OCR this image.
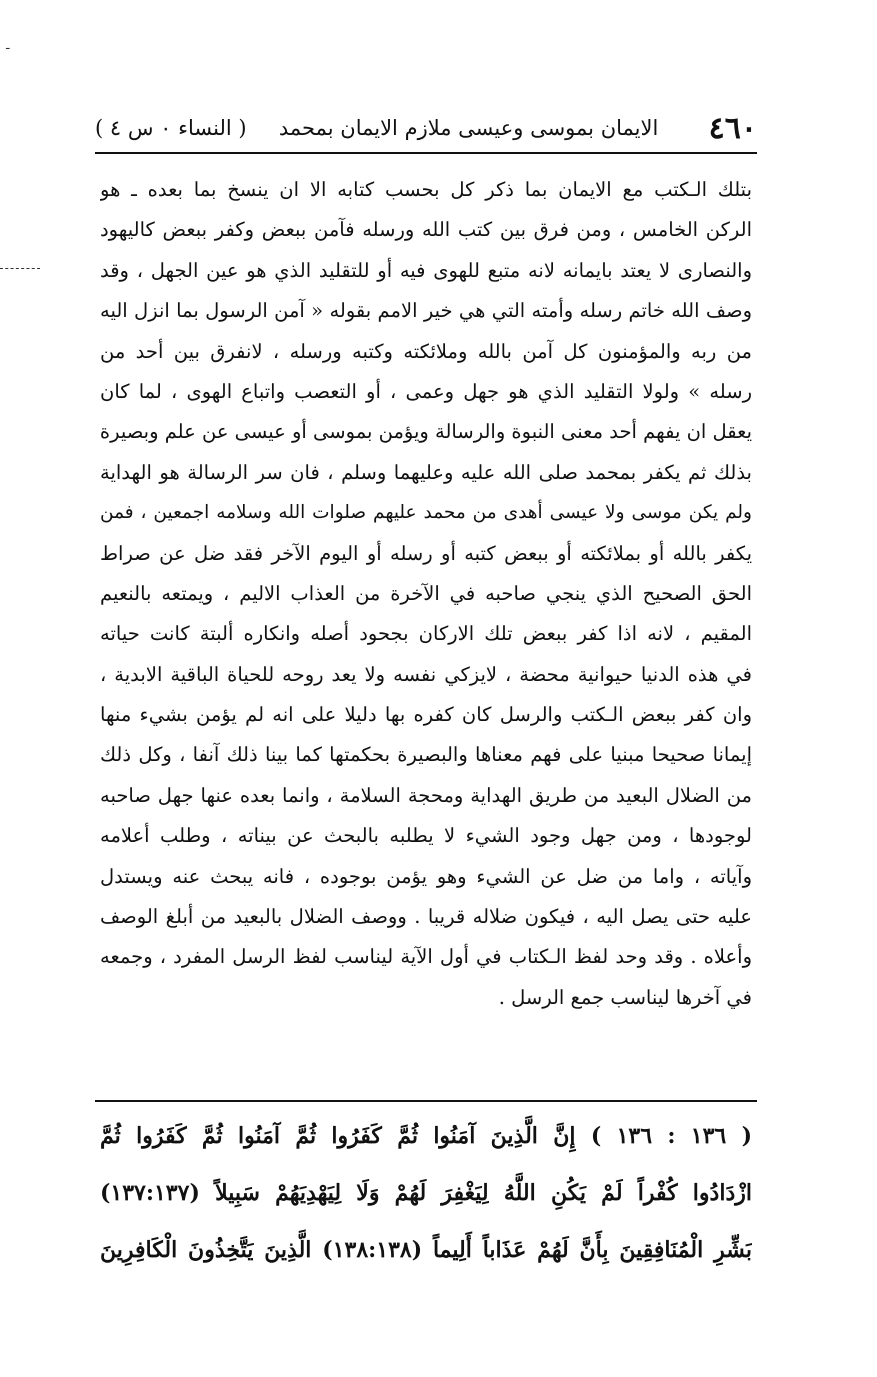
ـ
٤٦٠
الايمان بموسى وعيسى ملازم الايمان بمحمد
( النساء ۰ س ٤ )
بتلك الـكتب مع الايمان بما ذكر كل بحسب كتابه الا ان ينسخ بما بعده ـ هو
الركن الخامس ، ومن فرق بين كتب الله ورسله فآمن ببعض وكفر ببعض كاليهود
والنصارى لا يعتد بايمانه لانه متبع للهوى فيه أو للتقليد الذي هو عين الجهل ، وقد
وصف الله خاتم رسله وأمته التي هي خير الامم بقوله « آمن الرسول بما انزل اليه
من ربه والمؤمنون كل آمن بالله وملائكته وكتبه ورسله ، لانفرق بين أحد من
رسله » ولولا التقليد الذي هو جهل وعمى ، أو التعصب واتباع الهوى ، لما كان
يعقل ان يفهم أحد معنى النبوة والرسالة ويؤمن بموسى أو عيسى عن علم وبصيرة
بذلك ثم يكفر بمحمد صلى الله عليه وعليهما وسلم ، فان سر الرسالة هو الهداية
ولم يكن موسى ولا عيسى أهدى من محمد عليهم صلوات الله وسلامه اجمعين ، فمن
يكفر بالله أو بملائكته أو ببعض كتبه أو رسله أو اليوم الآخر فقد ضل عن صراط
الحق الصحيح الذي ينجي صاحبه في الآخرة من العذاب الاليم ، ويمتعه بالنعيم
المقيم ، لانه اذا كفر ببعض تلك الاركان بجحود أصله وانكاره ألبتة كانت حياته
في هذه الدنيا حيوانية محضة ، لايزكي نفسه ولا يعد روحه للحياة الباقية الابدية ،
وان كفر ببعض الـكتب والرسل كان كفره بها دليلا على انه لم يؤمن بشيء منها
إيمانا صحيحا مبنيا على فهم معناها والبصيرة بحكمتها كما بينا ذلك آنفا ، وكل ذلك
من الضلال البعيد من طريق الهداية ومحجة السلامة ، وانما بعده عنها جهل صاحبه
لوجودها ، ومن جهل وجود الشيء لا يطلبه بالبحث عن بيناته ، وطلب أعلامه
وآياته ، واما من ضل عن الشيء وهو يؤمن بوجوده ، فانه يبحث عنه ويستدل
عليه حتى يصل اليه ، فيكون ضلاله قريبا . ووصف الضلال بالبعيد من أبلغ الوصف
وأعلاه . وقد وحد لفظ الـكتاب في أول الآية ليناسب لفظ الرسل المفرد ، وجمعه
في آخرها ليناسب جمع الرسل .
( ١٣٦ : ١٣٦ ) إِنَّ الَّذِينَ آمَنُوا ثُمَّ كَفَرُوا ثُمَّ آمَنُوا ثُمَّ كَفَرُوا ثُمَّ
ازْدَادُوا كُفْراً لَمْ يَكُنِ اللَّهُ لِيَغْفِرَ لَهُمْ وَلَا لِيَهْدِيَهُمْ سَبِيلاً (١٣٧:١٣٧)
بَشِّرِ الْمُنَافِقِينَ بِأَنَّ لَهُمْ عَذَاباً أَلِيماً (١٣٨:١٣٨) الَّذِينَ يَتَّخِذُونَ الْكَافِرِينَ
